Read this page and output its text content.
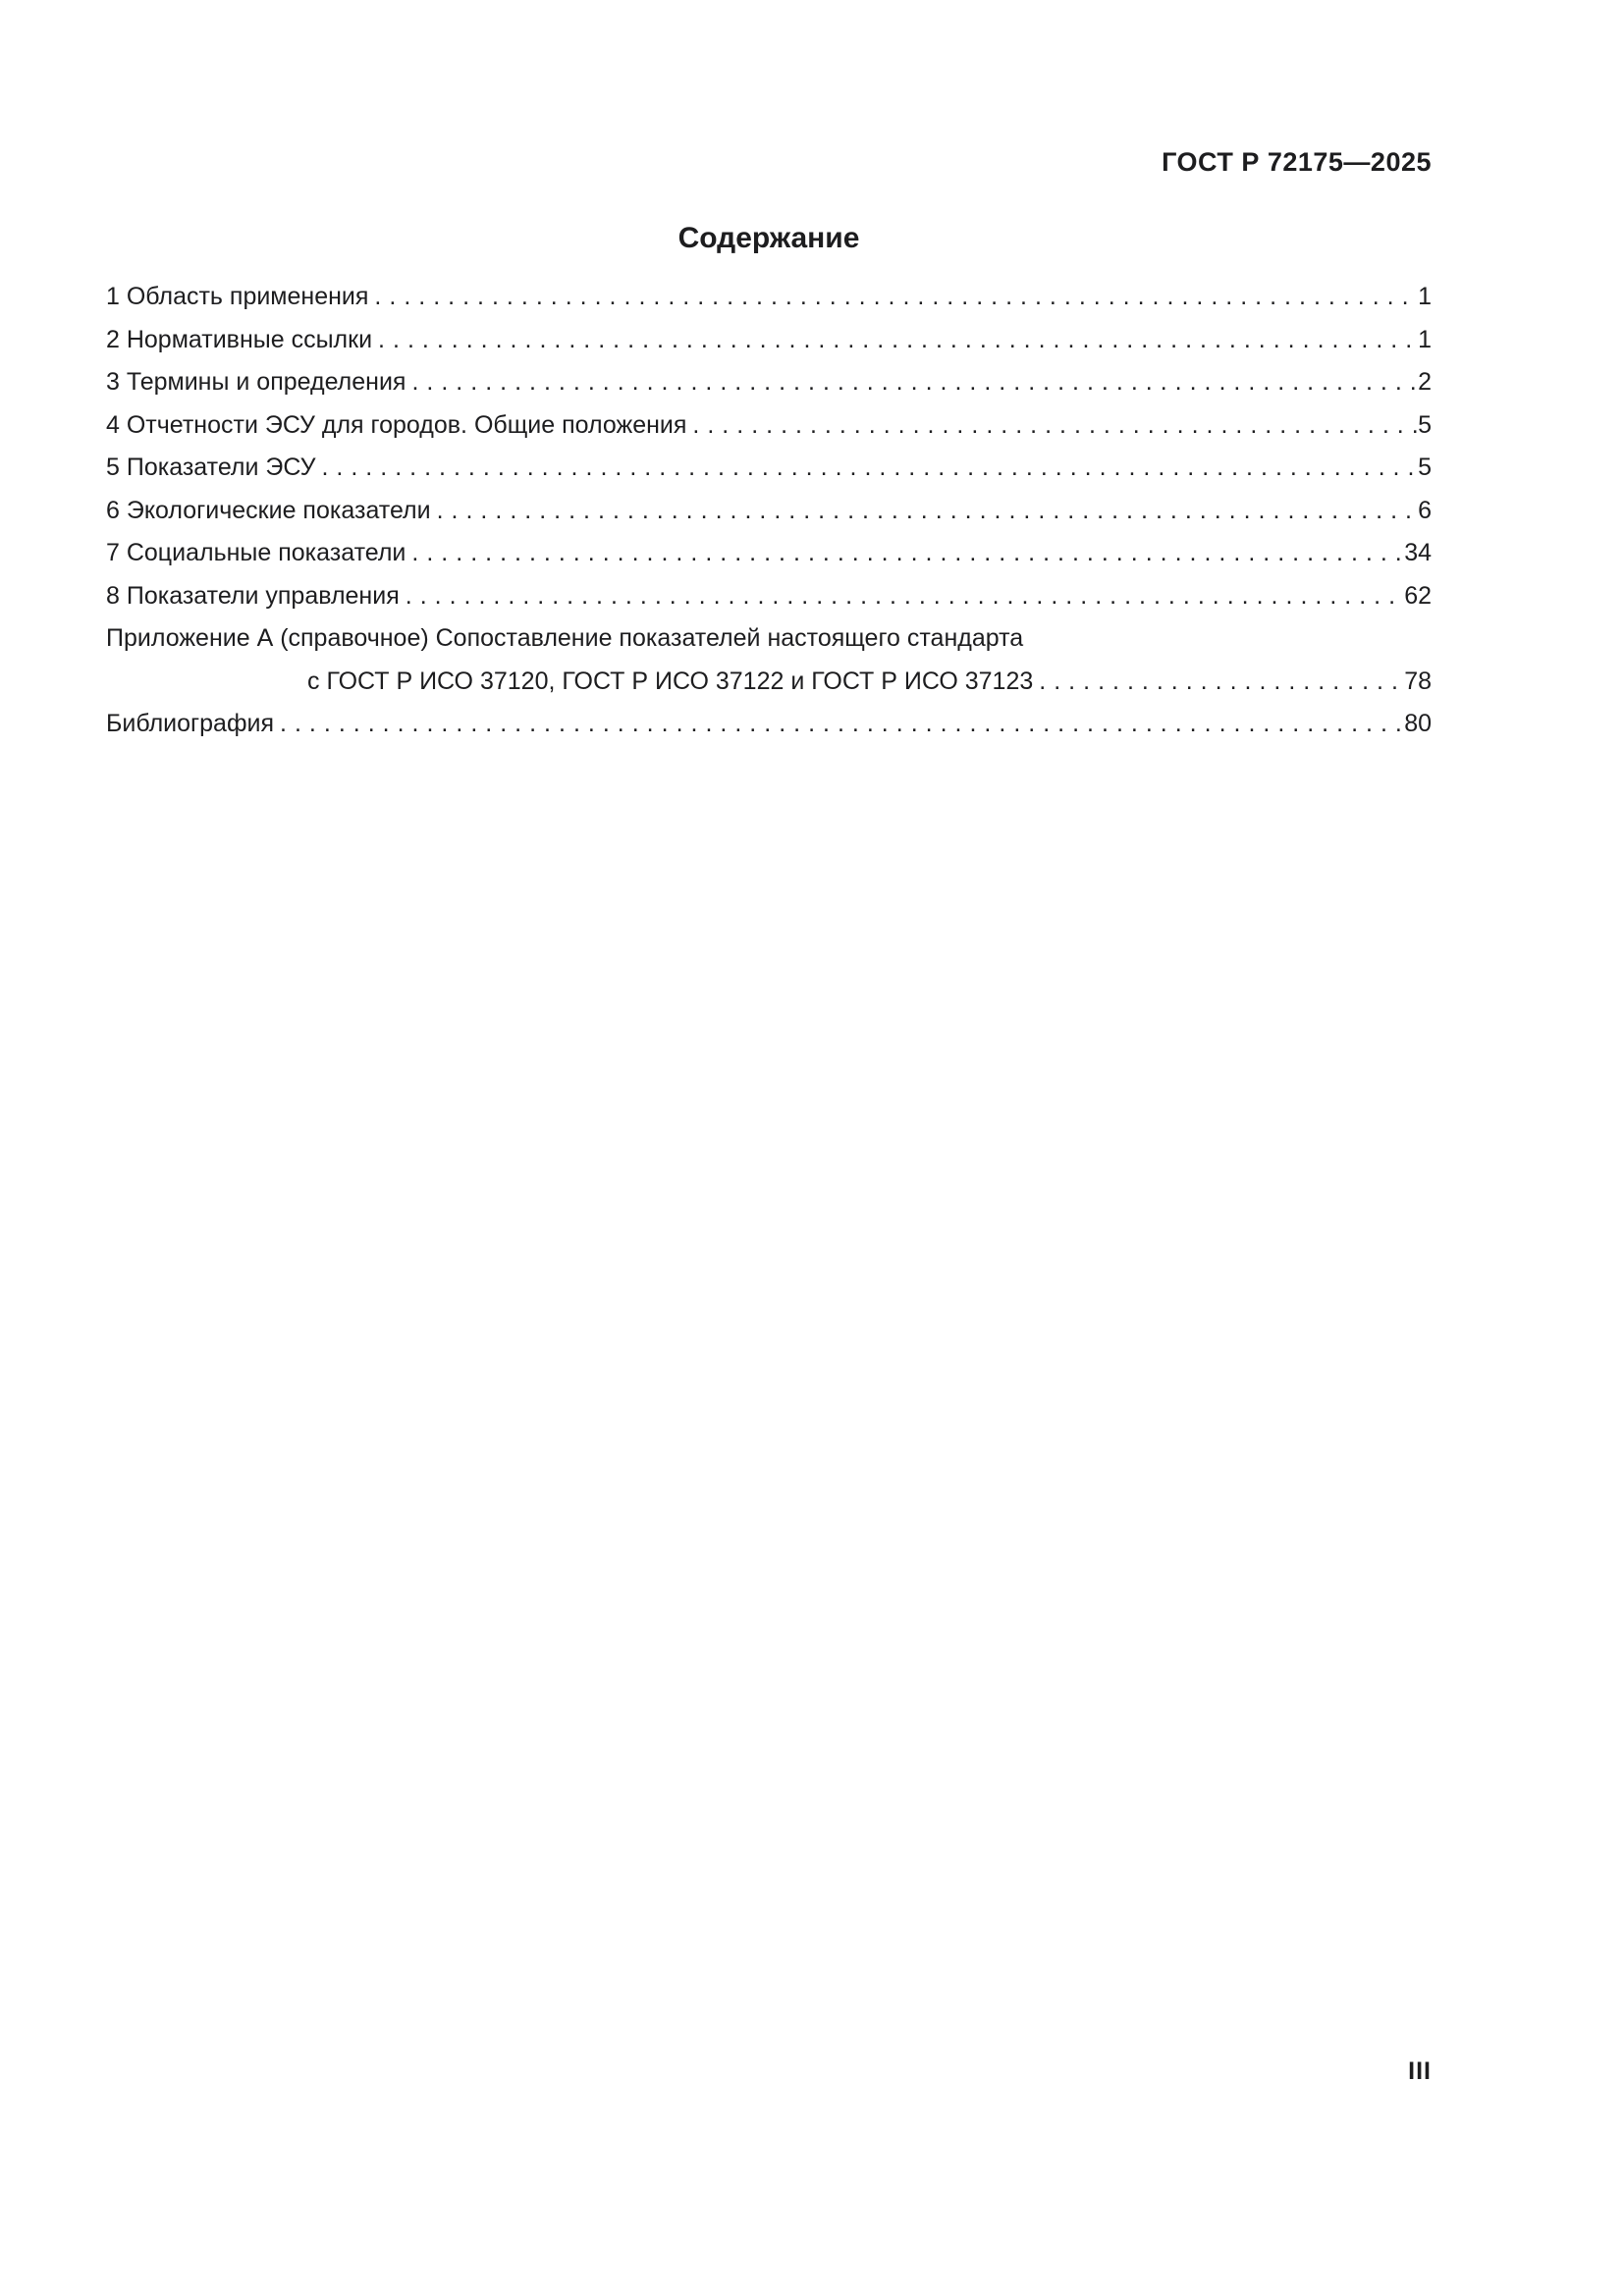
ГОСТ Р 72175—2025
Содержание
1 Область применения .....	1
2 Нормативные ссылки .....	1
3 Термины и определения .....	2
4 Отчетности ЭСУ для городов. Общие положения .....	5
5 Показатели ЭСУ .....	5
6 Экологические показатели .....	6
7 Социальные показатели .....	34
8 Показатели управления .....	62
Приложение А (справочное) Сопоставление показателей настоящего стандарта
с ГОСТ Р ИСО 37120, ГОСТ Р ИСО 37122 и ГОСТ Р ИСО 37123 .....	78
Библиография .....	80
III
